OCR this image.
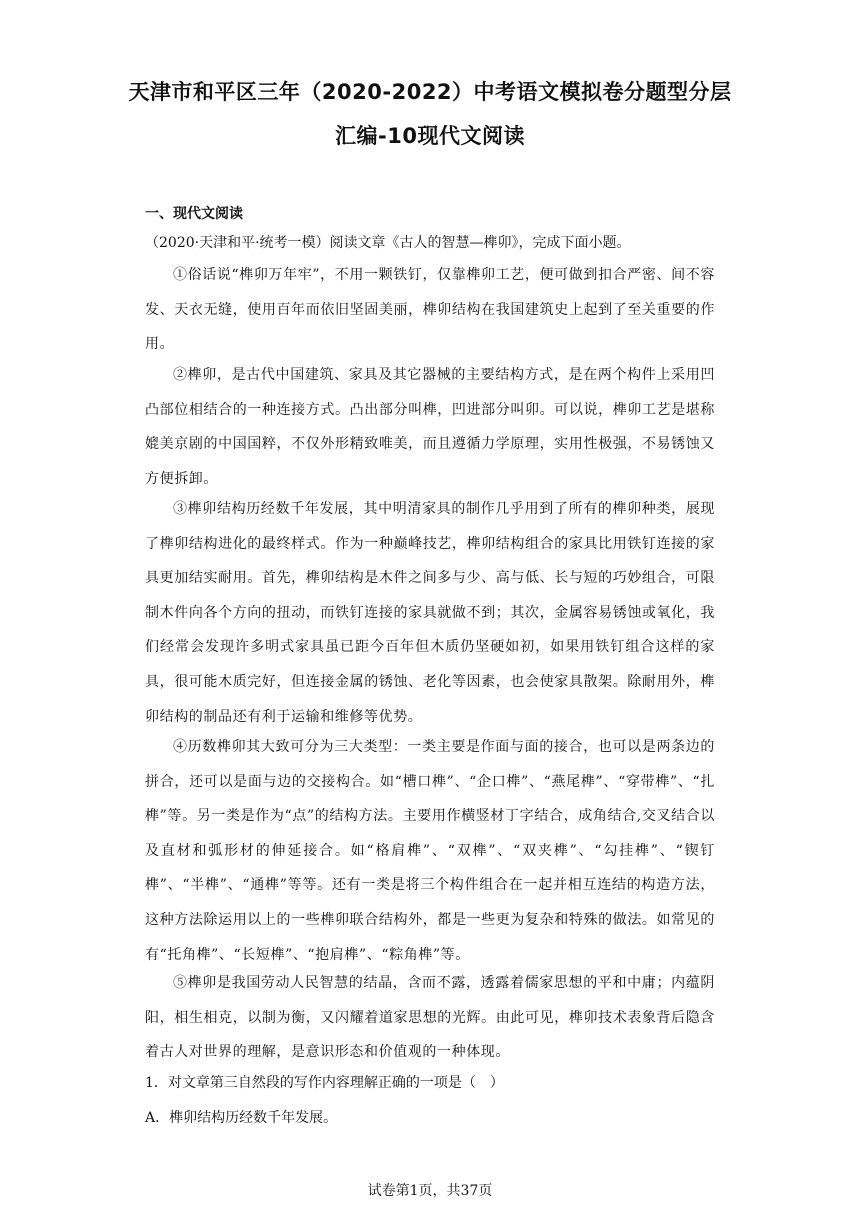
天津市和平区三年（2020-2022）中考语文模拟卷分题型分层
汇编-10现代文阅读
一、现代文阅读
（2020·天津和平·统考一模）阅读文章《古人的智慧—榫卯》，完成下面小题。

①俗话说“榫卯万年牢”，不用一颗铁钉，仅靠榫卯工艺，便可做到扣合严密、间不容发、天衣无缝，使用百年而依旧坚固美丽，榫卯结构在我国建筑史上起到了至关重要的作用。

②榫卯，是古代中国建筑、家具及其它器械的主要结构方式，是在两个构件上采用凹凸部位相结合的一种连接方式。凸出部分叫榫，凹进部分叫卯。可以说，榫卯工艺是堪称媲美京剧的中国国粹，不仅外形精致唯美，而且遵循力学原理，实用性极强，不易锈蚀又方便拆卸。

③榫卯结构历经数千年发展，其中明清家具的制作几乎用到了所有的榫卯种类，展现了榫卯结构进化的最终样式。作为一种巅峰技艺，榫卯结构组合的家具比用铁钉连接的家具更加结实耐用。首先，榫卯结构是木件之间多与少、高与低、长与短的巧妙组合，可限制木件向各个方向的扭动，而铁钉连接的家具就做不到；其次，金属容易锈蚀或氧化，我们经常会发现许多明式家具虽已距今百年但木质仍坚硬如初，如果用铁钉组合这样的家具，很可能木质完好，但连接金属的锈蚀、老化等因素，也会使家具散架。除耐用外，榫卯结构的制品还有利于运输和维修等优势。

④历数榫卯其大致可分为三大类型：一类主要是作面与面的接合，也可以是两条边的拼合，还可以是面与边的交接构合。如“槽口榫”、“企口榫”、“燕尾榫”、“穿带榫”、“扎榫”等。另一类是作为“点”的结构方法。主要用作横竖材丁字结合，成角结合,交叉结合以及直材和弧形材的伸延接合。如“格肩榫”、“双榫”、“双夹榫”、“勾挂榫”、“锲钉榫”、“半榫”、“通榫”等等。还有一类是将三个构件组合在一起并相互连结的构造方法，这种方法除运用以上的一些榫卯联合结构外，都是一些更为复杂和特殊的做法。如常见的有“托角榫”、“长短榫”、“抱肩榫”、“粽角榫”等。

⑤榫卯是我国劳动人民智慧的结晶，含而不露，透露着儒家思想的平和中庸；内蕴阴阳，相生相克，以制为衡，又闪耀着道家思想的光辉。由此可见，榫卯技术表象背后隐含着古人对世界的理解，是意识形态和价值观的一种体现。

1．对文章第三自然段的写作内容理解正确的一项是（　）
A．榫卯结构历经数千年发展。
试卷第1页，共37页
